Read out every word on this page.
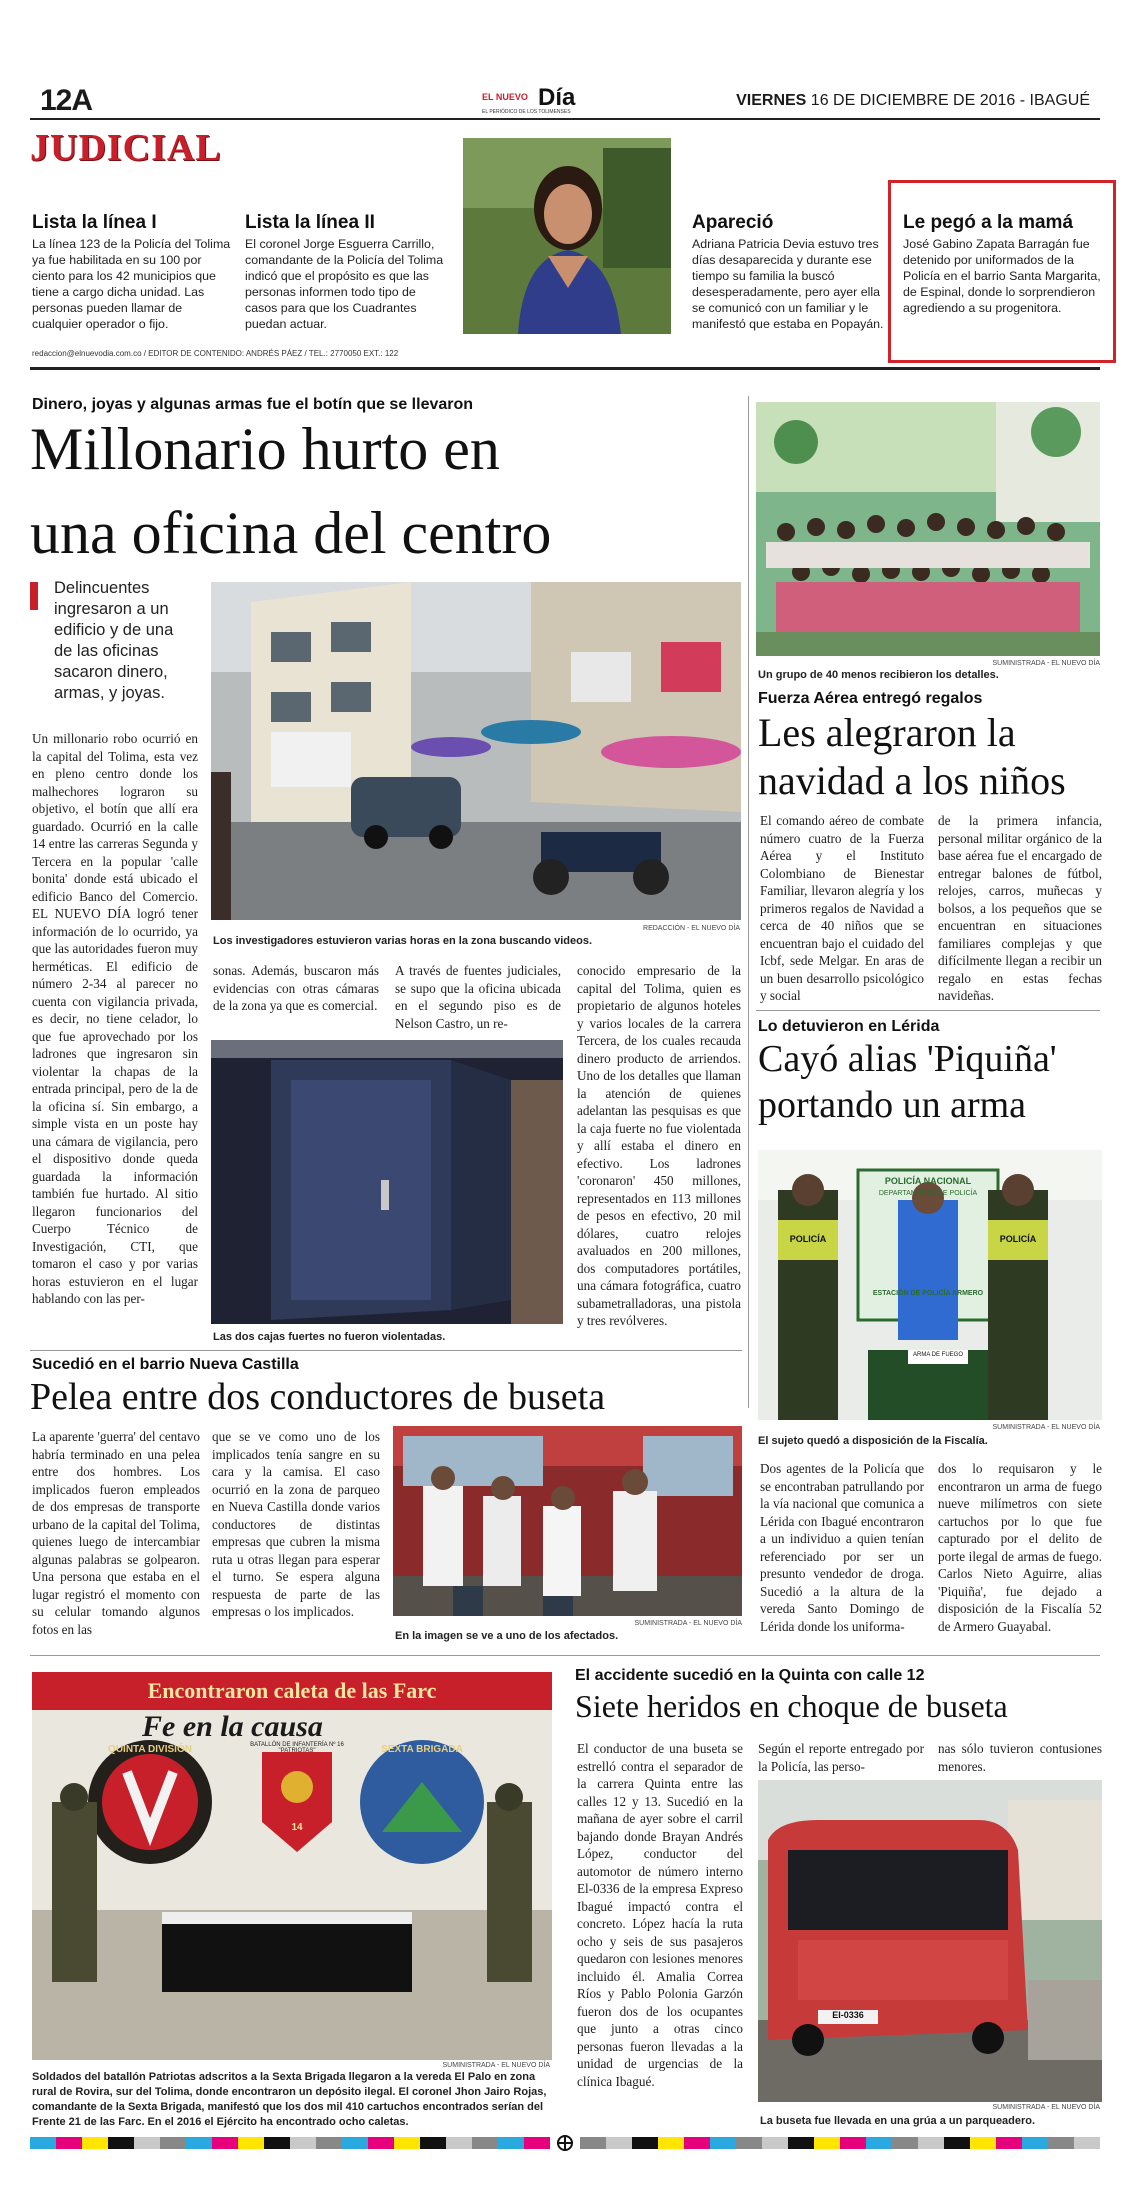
12A	EL NUEVO Día
EL PERIÓDICO DE LOS TOLIMENSES
VIERNES 16 DE DICIEMBRE DE 2016 - IBAGUÉ
JUDICIAL
Lista la línea I
La línea 123 de la Policía del Tolima ya fue habilitada en su 100 por ciento para los 42 municipios que tiene a cargo dicha unidad. Las personas pueden llamar de cualquier operador o fijo.
Lista la línea II
El coronel Jorge Esguerra Carrillo, comandante de la Policía del Tolima indicó que el propósito es que las personas informen todo tipo de casos para que los Cuadrantes puedan actuar.
Apareció
Adriana Patricia Devia estuvo tres días desaparecida y durante ese tiempo su familia la buscó desesperadamente, pero ayer ella se comunicó con un familiar y le manifestó que estaba en Popayán.
Le pegó a la mamá
José Gabino Zapata Barragán fue detenido por uniformados de la Policía en el barrio Santa Margarita, de Espinal, donde lo sorprendieron agrediendo a su progenitora.
redaccion@elnuevodia.com.co / EDITOR DE CONTENIDO: ANDRÉS PÁEZ / TEL.: 2770050 EXT.: 122
Dinero, joyas y algunas armas fue el botín que se llevaron
Millonario hurto en
una oficina del centro
Delincuentes ingresaron a un edificio y de una de las oficinas sacaron dinero, armas, y joyas.
Un millonario robo ocurrió en la capital del Tolima, esta vez en pleno centro donde los malhechores lograron su objetivo, el botín que allí era guardado. Ocurrió en la calle 14 entre las carreras Segunda y Tercera en la popular 'calle bonita' donde está ubicado el edificio Banco del Comercio. EL NUEVO DÍA logró tener información de lo ocurrido, ya que las autoridades fueron muy herméticas. El edificio de número 2-34 al parecer no cuenta con vigilancia privada, es decir, no tiene celador, lo que fue aprovechado por los ladrones que ingresaron sin violentar la chapas de la entrada principal, pero de la de la oficina sí. Sin embargo, a simple vista en un poste hay una cámara de vigilancia, pero el dispositivo donde queda guardada la información también fue hurtado. Al sitio llegaron funcionarios del Cuerpo Técnico de Investigación, CTI, que tomaron el caso y por varias horas estuvieron en el lugar hablando con las per-
Los investigadores estuvieron varias horas en la zona buscando videos.
REDACCIÓN - EL NUEVO DÍA
sonas. Además, buscaron más evidencias con otras cámaras de la zona ya que es comercial.
A través de fuentes judiciales, se supo que la oficina ubicada en el segundo piso es de Nelson Castro, un re-
conocido empresario de la capital del Tolima, quien es propietario de algunos hoteles y varios locales de la carrera Tercera, de los cuales recauda dinero producto de arriendos. Uno de los detalles que llaman la atención de quienes adelantan las pesquisas es que la caja fuerte no fue violentada y allí estaba el dinero en efectivo. Los ladrones 'coronaron' 450 millones, representados en 113 millones de pesos en efectivo, 20 mil dólares, cuatro relojes avaluados en 200 millones, dos computadores portátiles, una cámara fotográfica, cuatro subametralladoras, una pistola y tres revólveres.
Las dos cajas fuertes no fueron violentadas.
SUMINISTRADA - EL NUEVO DÍA
Un grupo de 40 menos recibieron los detalles.
Fuerza Aérea entregó regalos
Les alegraron la
navidad a los niños
El comando aéreo de combate número cuatro de la Fuerza Aérea y el Instituto Colombiano de Bienestar Familiar, llevaron alegría y los primeros regalos de Navidad a cerca de 40 niños que se encuentran bajo el cuidado del Icbf, sede Melgar. En aras de un buen desarrollo psicológico y social
de la primera infancia, personal militar orgánico de la base aérea fue el encargado de entregar balones de fútbol, relojes, carros, muñecas y bolsos, a los pequeños que se encuentran en situaciones familiares complejas y que difícilmente llegan a recibir un regalo en estas fechas navideñas.
Lo detuvieron en Lérida
Cayó alias 'Piquiña'
portando un arma
POLICÍA NACIONAL
DEPARTAMENTO DE POLICÍA
ESTACIÓN DE POLICÍA ARMERO
POLICÍA	POLICÍA
ARMA DE FUEGO
SUMINISTRADA - EL NUEVO DÍA
El sujeto quedó a disposición de la Fiscalía.
Dos agentes de la Policía que se encontraban patrullando por la vía nacional que comunica a Lérida con Ibagué encontraron a un individuo a quien tenían referenciado por ser un presunto vendedor de droga. Sucedió a la altura de la vereda Santo Domingo de Lérida donde los uniforma-
dos lo requisaron y le encontraron un arma de fuego nueve milímetros con siete cartuchos por lo que fue capturado por el delito de porte ilegal de armas de fuego. Carlos Nieto Aguirre, alias 'Piquiña', fue dejado a disposición de la Fiscalía 52 de Armero Guayabal.
Sucedió en el barrio Nueva Castilla
Pelea entre dos conductores de buseta
La aparente 'guerra' del centavo habría terminado en una pelea entre dos hombres. Los implicados fueron empleados de dos empresas de transporte urbano de la capital del Tolima, quienes luego de intercambiar algunas palabras se golpearon. Una persona que estaba en el lugar registró el momento con su celular tomando algunos fotos en las
que se ve como uno de los implicados tenía sangre en su cara y la camisa. El caso ocurrió en la zona de parqueo en Nueva Castilla donde varios conductores de distintas empresas que cubren la misma ruta u otras llegan para esperar el turno. Se espera alguna respuesta de parte de las empresas o los implicados.
En la imagen se ve a uno de los afectados.
SUMINISTRADA - EL NUEVO DÍA
Encontraron caleta de las Farc
Fe en la causa
BATALLÓN DE INFANTERÍA Nº 16 "PATRIOTAS"
QUINTA DIVISIÓN	SEXTA BRIGADA
14
SUMINISTRADA - EL NUEVO DÍA
Soldados del batallón Patriotas adscritos a la Sexta Brigada llegaron a la vereda El Palo en zona rural de Rovira, sur del Tolima, donde encontraron un depósito ilegal. El coronel Jhon Jairo Rojas, comandante de la Sexta Brigada, manifestó que los dos mil 410 cartuchos encontrados serían del Frente 21 de las Farc. En el 2016 el Ejército ha encontrado ocho caletas.
El accidente sucedió en la Quinta con calle 12
Siete heridos en choque de buseta
El conductor de una buseta se estrelló contra el separador de la carrera Quinta entre las calles 12 y 13. Sucedió en la mañana de ayer sobre el carril bajando donde Brayan Andrés López, conductor del automotor de número interno El-0336 de la empresa Expreso Ibagué impactó contra el concreto. López hacía la ruta ocho y seis de sus pasajeros quedaron con lesiones menores incluido él. Amalia Correa Ríos y Pablo Polonia Garzón fueron dos de los ocupantes que junto a otras cinco personas fueron llevadas a la unidad de urgencias de la clínica Ibagué.
Según el reporte entregado por la Policía, las perso-
nas sólo tuvieron contusiones menores.
EI-0336
SUMINISTRADA - EL NUEVO DÍA
La buseta fue llevada en una grúa a un parqueadero.
